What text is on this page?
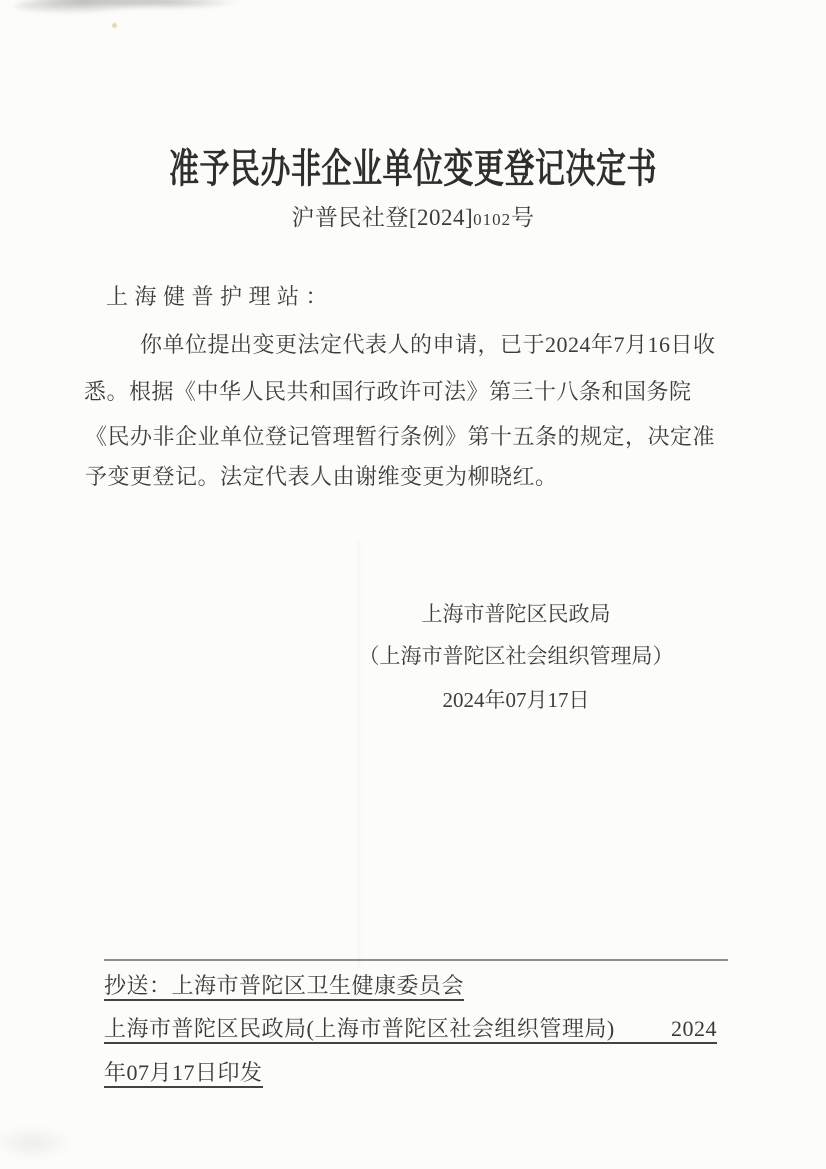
准予民办非企业单位变更登记决定书
沪普民社登[2024]0102号
上海健普护理站：
你单位提出变更法定代表人的申请，已于2024年7月16日收
悉。根据《中华人民共和国行政许可法》第三十八条和国务院
《民办非企业单位登记管理暂行条例》第十五条的规定，决定准
予变更登记。法定代表人由谢维变更为柳晓红。
上海市普陀区民政局
（上海市普陀区社会组织管理局）
2024年07月17日
抄送：上海市普陀区卫生健康委员会
上海市普陀区民政局(上海市普陀区社会组织管理局)	2024
年07月17日印发
